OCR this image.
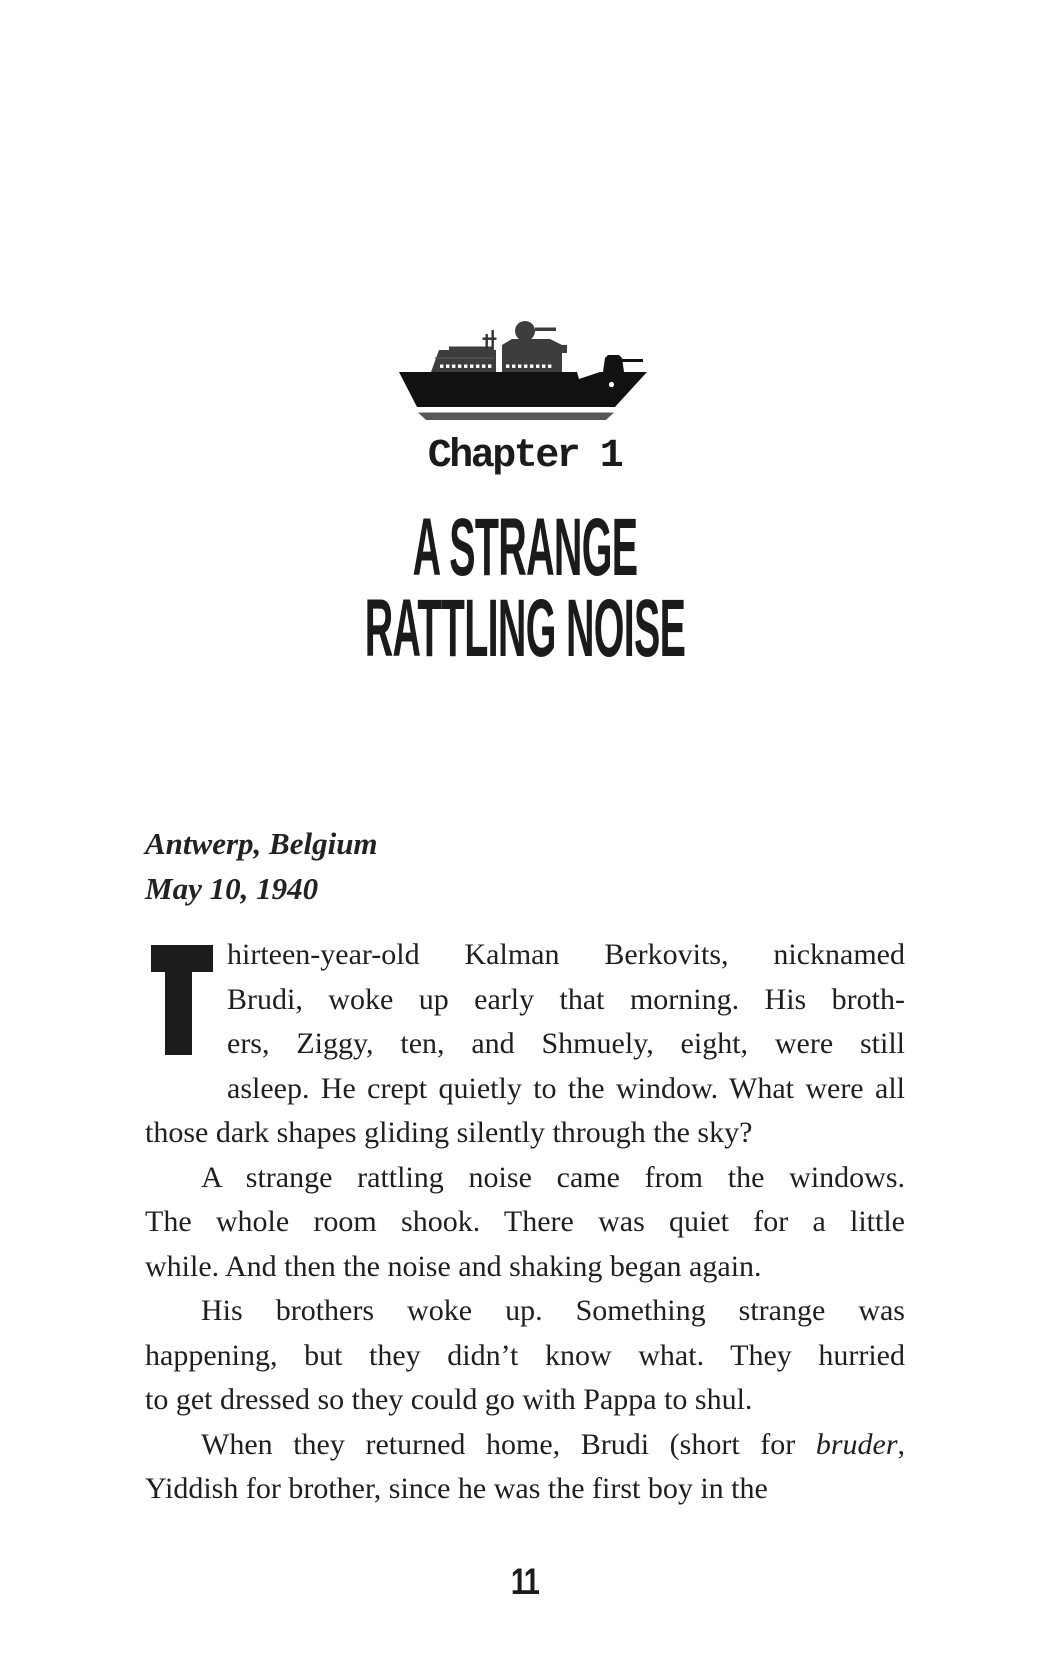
Chapter 1
A STRANGE
RATTLING NOISE
Antwerp, Belgium
May 10, 1940
hirteen-year-old Kalman Berkovits, nicknamed
Brudi, woke up early that morning. His broth-
ers, Ziggy, ten, and Shmuely, eight, were still
asleep. He crept quietly to the window. What were all
those dark shapes gliding silently through the sky?
A strange rattling noise came from the windows.
The whole room shook. There was quiet for a little
while. And then the noise and shaking began again.
His brothers woke up. Something strange was
happening, but they didn’t know what. They hurried
to get dressed so they could go with Pappa to shul.
When they returned home, Brudi (short for bruder,
Yiddish for brother, since he was the first boy in the
11
